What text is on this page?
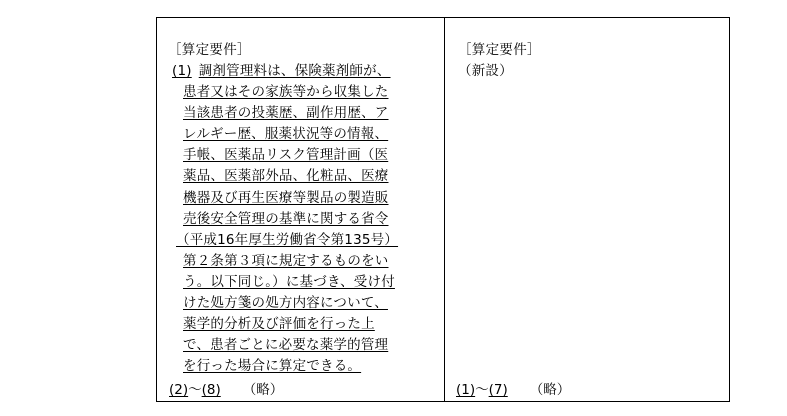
［算定要件］
(1) 調剤管理料は、保険薬剤師が、
患者又はその家族等から収集した
当該患者の投薬歴、副作用歴、ア
レルギー歴、服薬状況等の情報、
手帳、医薬品リスク管理計画（医
薬品、医薬部外品、化粧品、医療
機器及び再生医療等製品の製造販
売後安全管理の基準に関する省令
（平成16年厚生労働省令第135号）
第２条第３項に規定するものをい
う。以下同じ。）に基づき、受け付
けた処方箋の処方内容について、
薬学的分析及び評価を行った上
で、患者ごとに必要な薬学的管理
を行った場合に算定できる。
(2)～(8) （略）
［算定要件］
（新設）
(1)～(7) （略）
